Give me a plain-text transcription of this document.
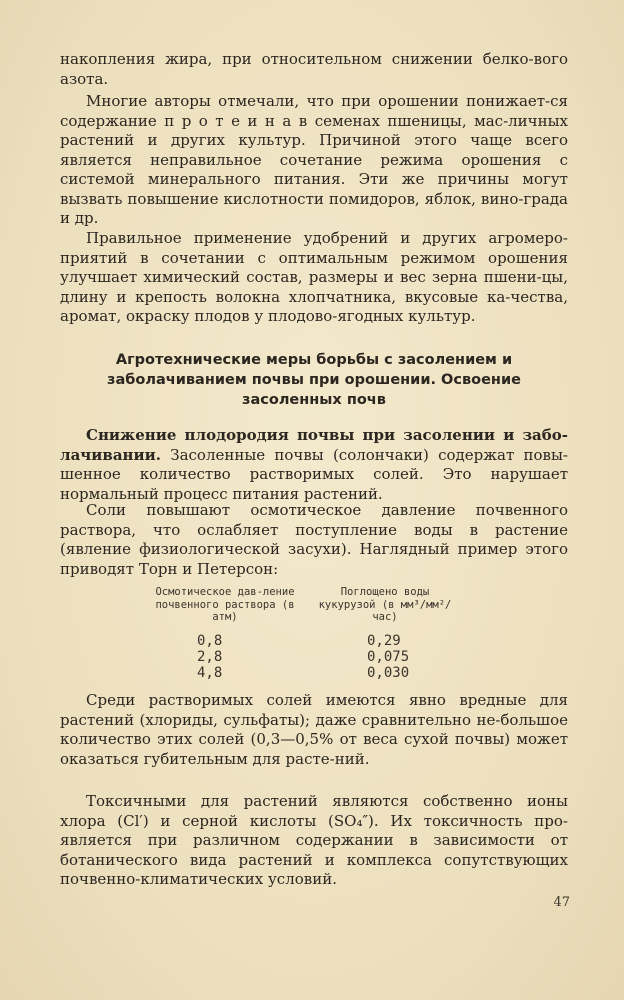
накопления жира, при относительном снижении белко-вого азота.

Многие авторы отмечали, что при орошении понижает-ся содержание п р о т е и н а в семенах пшеницы, мас-личных растений и других культур. Причиной этого чаще всего является неправильное сочетание режима орошения с системой минерального питания. Эти же причины могут вызвать повышение кислотности помидоров, яблок, вино-града и др.

Правильное применение удобрений и других агромеро-приятий в сочетании с оптимальным режимом орошения улучшает химический состав, размеры и вес зерна пшени-цы, длину и крепость волокна хлопчатника, вкусовые ка-чества, аромат, окраску плодов у плодово-ягодных культур.

Агротехнические меры борьбы с засолением и заболачиванием почвы при орошении. Освоение засоленных почв

Снижение плодородия почвы при засолении и забо-лачивании. Засоленные почвы (солончаки) содержат повы-шенное количество растворимых солей. Это нарушает нормальный процесс питания растений.

Соли повышают осмотическое давление почвенного раствора, что ослабляет поступление воды в растение (явление физиологической засухи). Наглядный пример этого приводят Торн и Петерсон:

Осмотическое дав-ление почвенного раствора (в атм)
Поглощено воды кукурузой (в мм³/мм²/час)
0,8	0,29
2,8	0,075
4,8	0,030

Среди растворимых солей имеются явно вредные для растений (хлориды, сульфаты); даже сравнительно не-большое количество этих солей (0,3—0,5% от веса сухой почвы) может оказаться губительным для расте-ний.

Токсичными для растений являются собственно ионы хлора (Cl′) и серной кислоты (SO₄″). Их токсичность про-является при различном содержании в зависимости от ботанического вида растений и комплекса сопутствующих почвенно-климатических условий.

47
